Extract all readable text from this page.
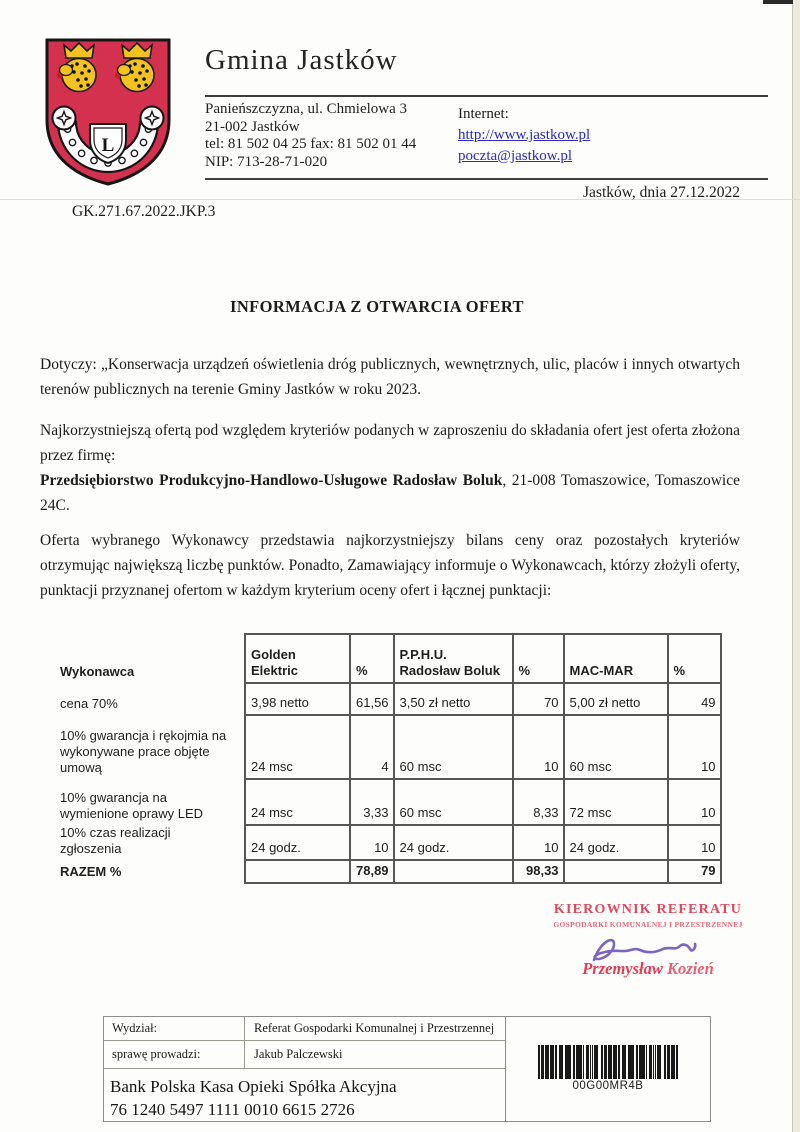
L
Gmina Jastków
Panieńszczyzna, ul. Chmielowa 3
21-002 Jastków
tel: 81 502 04 25 fax: 81 502 01 44
NIP: 713-28-71-020
Internet:
http://www.jastkow.pl
poczta@jastkow.pl
Jastków, dnia 27.12.2022
GK.271.67.2022.JKP.3
INFORMACJA Z OTWARCIA OFERT
Dotyczy: „Konserwacja urządzeń oświetlenia dróg publicznych, wewnętrznych, ulic, placów i innych otwartych terenów publicznych na terenie Gminy Jastków w roku 2023.
Najkorzystniejszą ofertą pod względem kryteriów podanych w zaproszeniu do składania ofert jest oferta złożona przez firmę:
Przedsiębiorstwo Produkcyjno-Handlowo-Usługowe Radosław Boluk, 21-008 Tomaszowice, Tomaszowice 24C.
Oferta wybranego Wykonawcy przedstawia najkorzystniejszy bilans ceny oraz pozostałych kryteriów otrzymując największą liczbę punktów. Ponadto, Zamawiający informuje o Wykonawcach, którzy złożyli oferty, punktacji przyznanej ofertom w każdym kryterium oceny ofert i łącznej punktacji:
Wykonawca	Golden Elektric	%	P.P.H.U. Radosław Boluk	%	MAC-MAR	%
cena 70%	3,98 netto	61,56	3,50 zł netto	70	5,00 zł netto	49
10% gwarancja i rękojmia na wykonywane prace objęte umową	24 msc	4	60 msc	10	60 msc	10
10% gwarancja na wymienione oprawy LED	24 msc	3,33	60 msc	8,33	72 msc	10
10% czas realizacji zgłoszenia	24 godz.	10	24 godz.	10	24 godz.	10
RAZEM %		78,89		98,33		79
KIEROWNIK REFERATU
GOSPODARKI KOMUNALNEJ I PRZESTRZENNEJ
Przemysław Kozień
Wydział:	Referat Gospodarki Komunalnej i Przestrzennej
sprawę prowadzi:	Jakub Palczewski
Bank Polska Kasa Opieki Spółka Akcyjna
76 1240 5497 1111 0010 6615 2726
00G00MR4B
